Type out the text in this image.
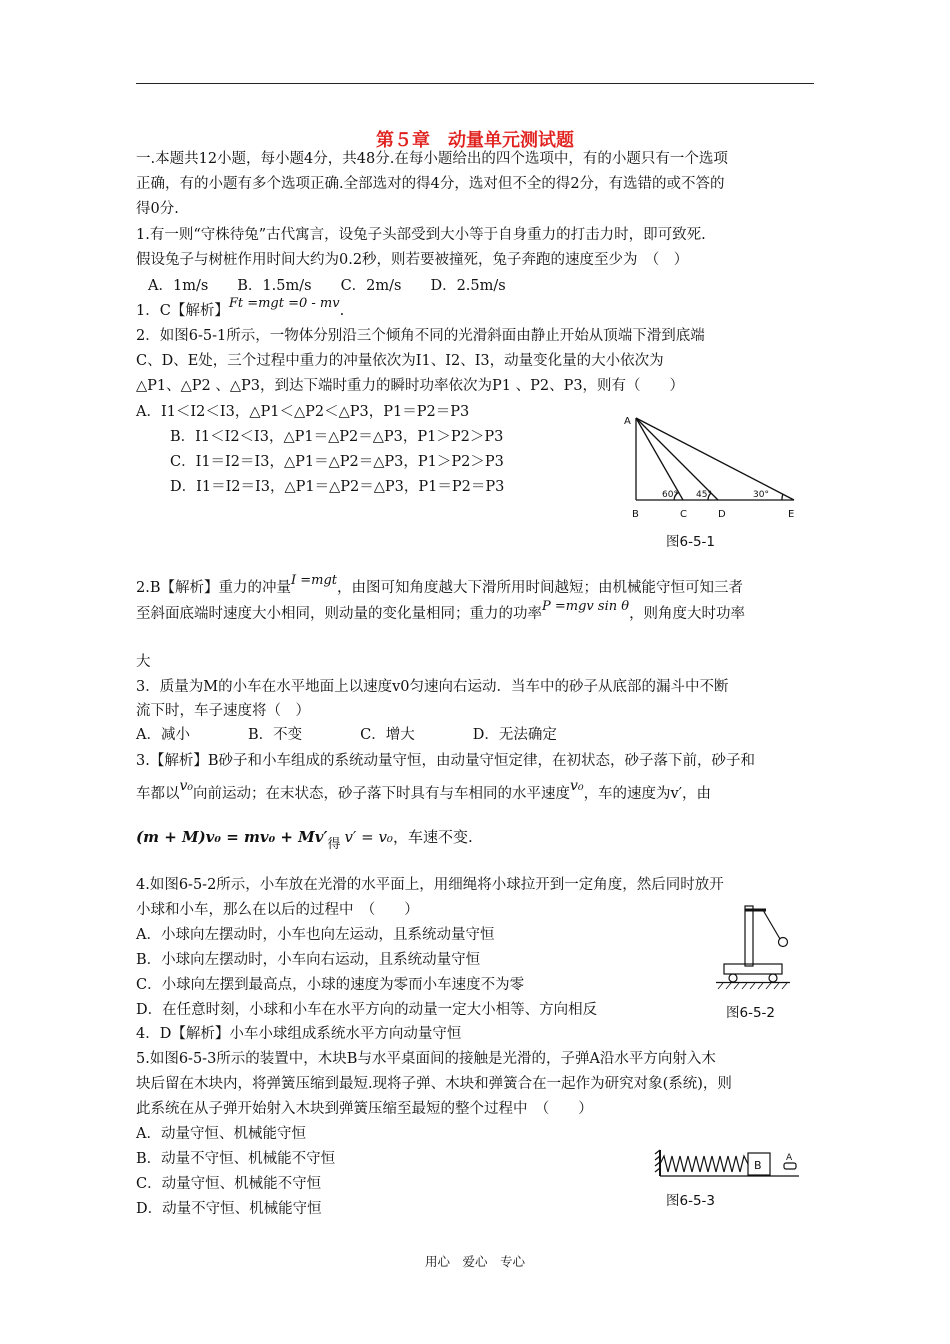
第５章　动量单元测试题
一.本题共12小题，每小题4分，共48分.在每小题给出的四个选项中，有的小题只有一个选项
正确，有的小题有多个选项正确.全部选对的得4分，选对但不全的得2分，有选错的或不答的
得0分.
1.有一则“守株待兔”古代寓言，设兔子头部受到大小等于自身重力的打击力时，即可致死.
假设兔子与树桩作用时间大约为0.2秒，则若要被撞死，兔子奔跑的速度至少为　（　）
A．1m/s　　B．1.5m/s　　C．2m/s　　D．2.5m/s
1．C【解析】Ft =mgt =0 - mv.
2．如图6-5-1所示，一物体分别沿三个倾角不同的光滑斜面由静止开始从顶端下滑到底端
C、D、E处，三个过程中重力的冲量依次为I1、I2、I3，动量变化量的大小依次为
△P1、△P2 、△P3，到达下端时重力的瞬时功率依次为P1 、P2、P3，则有（　　）
A．I1＜I2＜I3，△P1＜△P2＜△P3，P1＝P2＝P3
B．I1＜I2＜I3，△P1＝△P2＝△P3，P1＞P2＞P3
C．I1＝I2＝I3，△P1＝△P2＝△P3，P1＞P2＞P3
D．I1＝I2＝I3，△P1＝△P2＝△P3，P1＝P2＝P3
A
B	C	D	E
60° 45°	30°
图6-5-1
2.B【解析】重力的冲量I =mgt，由图可知角度越大下滑所用时间越短；由机械能守恒可知三者
至斜面底端时速度大小相同，则动量的变化量相同；重力的功率P =mgv sin θ，则角度大时功率
大
3．质量为M的小车在水平地面上以速度v0匀速向右运动．当车中的砂子从底部的漏斗中不断
流下时，车子速度将（　）
A．减小　　　　B．不变　　　　C．增大　　　　D．无法确定
3.【解析】B砂子和小车组成的系统动量守恒，由动量守恒定律，在初状态，砂子落下前，砂子和
车都以v₀向前运动；在末状态，砂子落下时具有与车相同的水平速度v₀，车的速度为v′，由
(m + M)v₀ = mv₀ + Mv′得 v′ = v₀，车速不变.
4.如图6-5-2所示，小车放在光滑的水平面上，用细绳将小球拉开到一定角度，然后同时放开
小球和小车，那么在以后的过程中　（　　）
A．小球向左摆动时，小车也向左运动，且系统动量守恒
B．小球向左摆动时，小车向右运动，且系统动量守恒
C．小球向左摆到最高点，小球的速度为零而小车速度不为零
D．在任意时刻，小球和小车在水平方向的动量一定大小相等、方向相反	图6-5-2
4．D【解析】小车小球组成系统水平方向动量守恒
5.如图6-5-3所示的装置中，木块B与水平桌面间的接触是光滑的，子弹A沿水平方向射入木
块后留在木块内，将弹簧压缩到最短.现将子弹、木块和弹簧合在一起作为研究对象(系统)，则
此系统在从子弹开始射入木块到弹簧压缩至最短的整个过程中　（　　）
A．动量守恒、机械能守恒
B．动量不守恒、机械能不守恒
C．动量守恒、机械能不守恒
D．动量不守恒、机械能守恒
B
A
图6-5-3
用心　爱心　专心
